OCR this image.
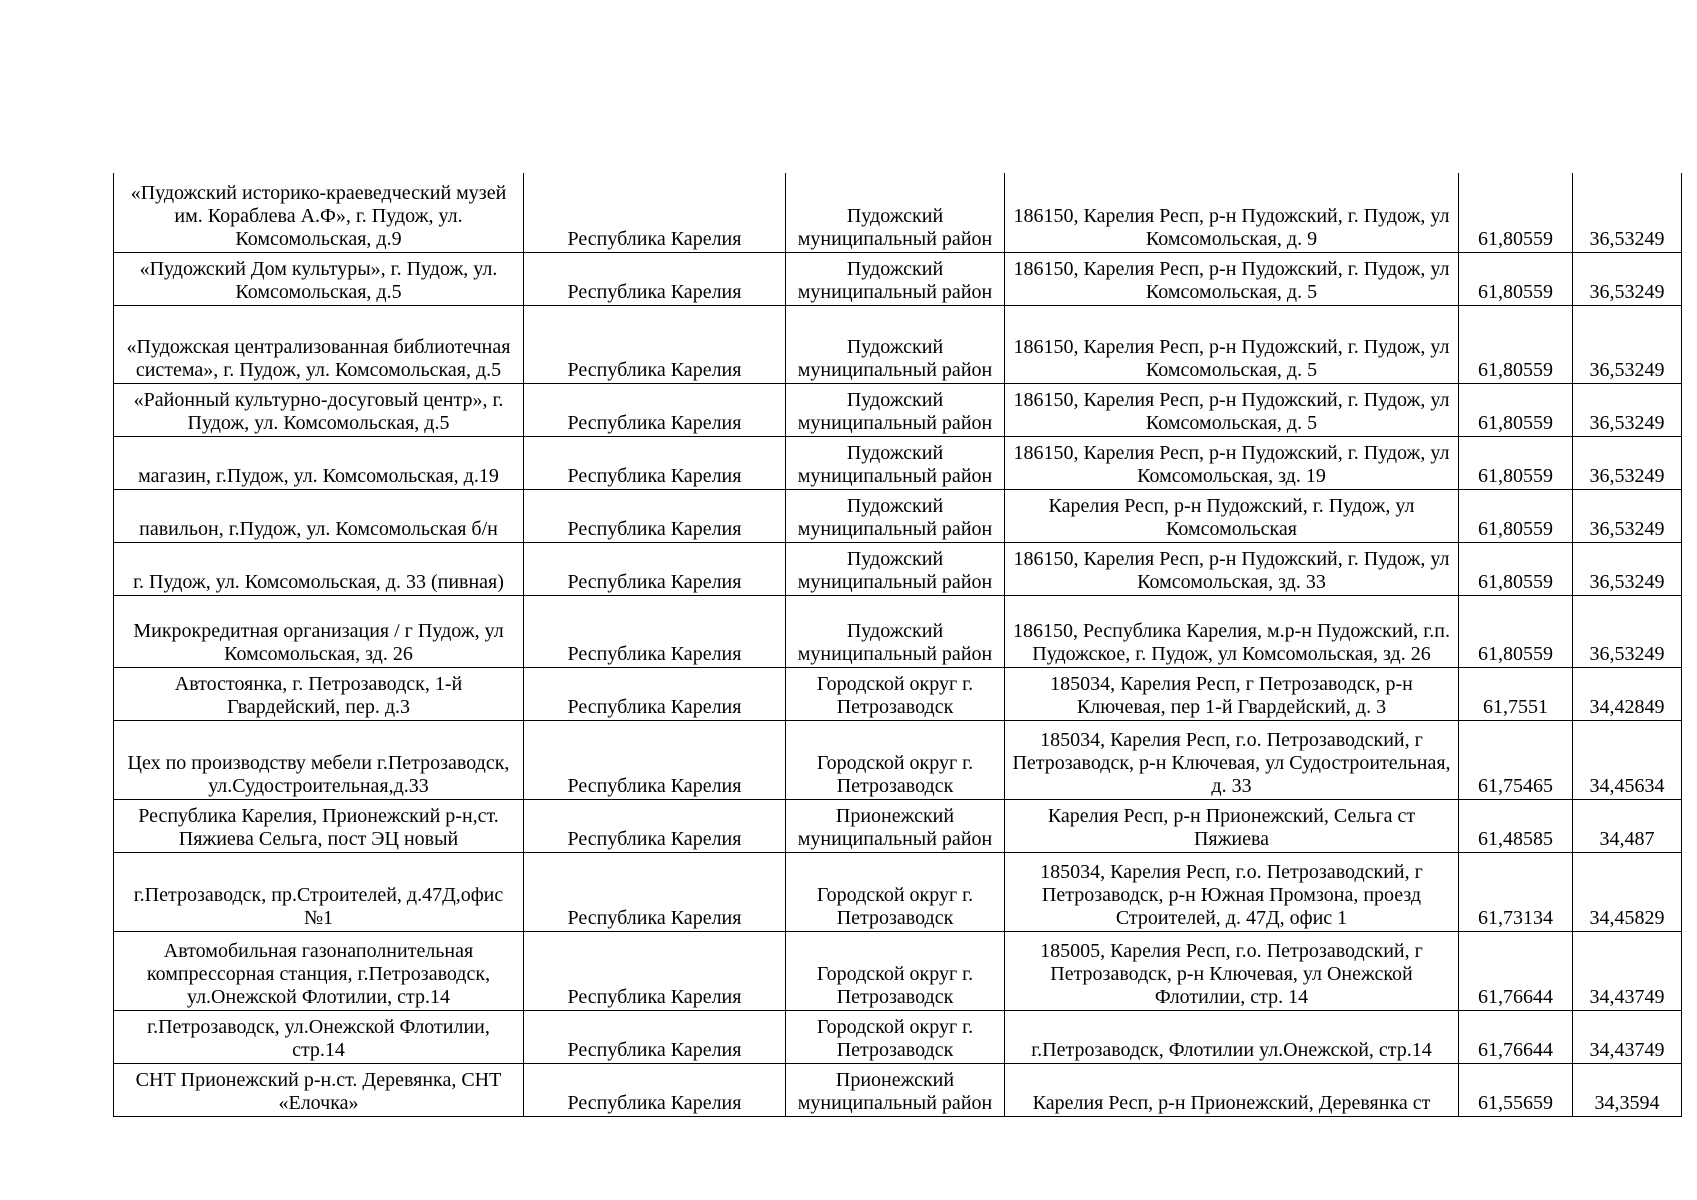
«Пудожский историко-краеведческий музей им. Кораблева А.Ф», г. Пудож, ул. Комсомольская, д.9	Республика Карелия	Пудожский муниципальный район	186150, Карелия Респ, р-н Пудожский, г. Пудож, ул Комсомольская, д. 9	61,80559	36,53249
«Пудожский Дом культуры», г. Пудож, ул. Комсомольская, д.5	Республика Карелия	Пудожский муниципальный район	186150, Карелия Респ, р-н Пудожский, г. Пудож, ул Комсомольская, д. 5	61,80559	36,53249
«Пудожская централизованная библиотечная система», г. Пудож, ул. Комсомольская, д.5	Республика Карелия	Пудожский муниципальный район	186150, Карелия Респ, р-н Пудожский, г. Пудож, ул Комсомольская, д. 5	61,80559	36,53249
«Районный культурно-досуговый центр», г. Пудож, ул. Комсомольская, д.5	Республика Карелия	Пудожский муниципальный район	186150, Карелия Респ, р-н Пудожский, г. Пудож, ул Комсомольская, д. 5	61,80559	36,53249
магазин, г.Пудож, ул. Комсомольская, д.19	Республика Карелия	Пудожский муниципальный район	186150, Карелия Респ, р-н Пудожский, г. Пудож, ул Комсомольская, зд. 19	61,80559	36,53249
павильон, г.Пудож, ул. Комсомольская б/н	Республика Карелия	Пудожский муниципальный район	Карелия Респ, р-н Пудожский, г. Пудож, ул Комсомольская	61,80559	36,53249
г. Пудож, ул. Комсомольская, д. 33 (пивная)	Республика Карелия	Пудожский муниципальный район	186150, Карелия Респ, р-н Пудожский, г. Пудож, ул Комсомольская, зд. 33	61,80559	36,53249
Микрокредитная организация / г Пудож, ул Комсомольская, зд. 26	Республика Карелия	Пудожский муниципальный район	186150, Республика Карелия, м.р-н Пудожский, г.п. Пудожское, г. Пудож, ул Комсомольская, зд. 26	61,80559	36,53249
Автостоянка, г. Петрозаводск, 1-й Гвардейский, пер. д.3	Республика Карелия	Городской округ г. Петрозаводск	185034, Карелия Респ, г Петрозаводск, р-н Ключевая, пер 1-й Гвардейский, д. 3	61,7551	34,42849
Цех по производству мебели г.Петрозаводск, ул.Судостроительная,д.33	Республика Карелия	Городской округ г. Петрозаводск	185034, Карелия Респ, г.о. Петрозаводский, г Петрозаводск, р-н Ключевая, ул Судостроительная, д. 33	61,75465	34,45634
Республика Карелия, Прионежский р-н,ст. Пяжиева Сельга, пост ЭЦ новый	Республика Карелия	Прионежский муниципальный район	Карелия Респ, р-н Прионежский, Сельга ст Пяжиева	61,48585	34,487
г.Петрозаводск, пр.Строителей, д.47Д,офис №1	Республика Карелия	Городской округ г. Петрозаводск	185034, Карелия Респ, г.о. Петрозаводский, г Петрозаводск, р-н Южная Промзона, проезд Строителей, д. 47Д, офис 1	61,73134	34,45829
Автомобильная газонаполнительная компрессорная станция, г.Петрозаводск, ул.Онежской Флотилии, стр.14	Республика Карелия	Городской округ г. Петрозаводск	185005, Карелия Респ, г.о. Петрозаводский, г Петрозаводск, р-н Ключевая, ул Онежской Флотилии, стр. 14	61,76644	34,43749
г.Петрозаводск, ул.Онежской Флотилии, стр.14	Республика Карелия	Городской округ г. Петрозаводск	г.Петрозаводск, Флотилии ул.Онежской, стр.14	61,76644	34,43749
СНТ Прионежский р-н.ст. Деревянка, СНТ «Елочка»	Республика Карелия	Прионежский муниципальный район	Карелия Респ, р-н Прионежский, Деревянка ст	61,55659	34,3594
